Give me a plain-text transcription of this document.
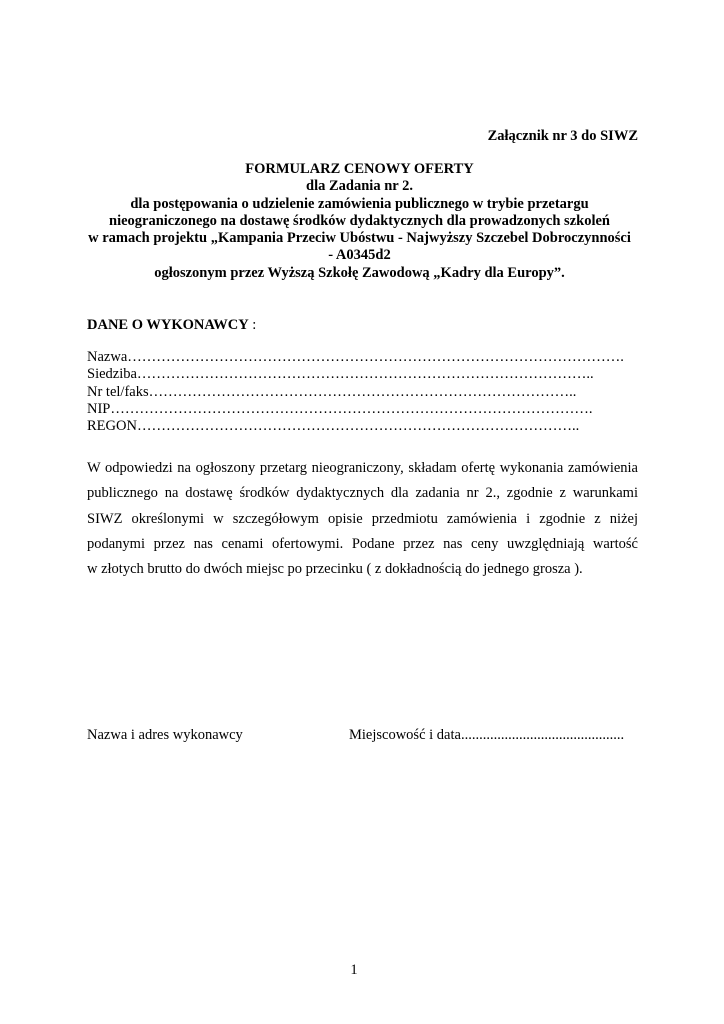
Załącznik nr 3 do SIWZ
FORMULARZ CENOWY OFERTY
dla Zadania nr 2.
dla postępowania o udzielenie zamówienia publicznego w trybie przetargu
nieograniczonego na dostawę środków dydaktycznych dla prowadzonych szkoleń
w ramach projektu „Kampania Przeciw Ubóstwu - Najwyższy Szczebel Dobroczynności
- A0345d2
ogłoszonym przez Wyższą Szkołę Zawodową „Kadry dla Europy”.
DANE O WYKONAWCY :
Nazwa………………………………………………………………………………………….
Siedziba…………………………………………………………………………………..
Nr tel/faks……………………………………………………………………………..
NIP……………………………………………………………………………………….
REGON………………………………………………………………………………..
W odpowiedzi na ogłoszony przetarg nieograniczony, składam ofertę wykonania zamówienia
publicznego na dostawę środków dydaktycznych dla zadania nr 2., zgodnie z warunkami
SIWZ określonymi w szczegółowym opisie przedmiotu zamówienia i zgodnie z niżej
podanymi przez nas cenami ofertowymi. Podane przez nas ceny uwzględniają wartość
w złotych brutto do dwóch miejsc po przecinku ( z dokładnością do jednego grosza ).
Nazwa i adres wykonawcy	Miejscowość i data.............................................
1
